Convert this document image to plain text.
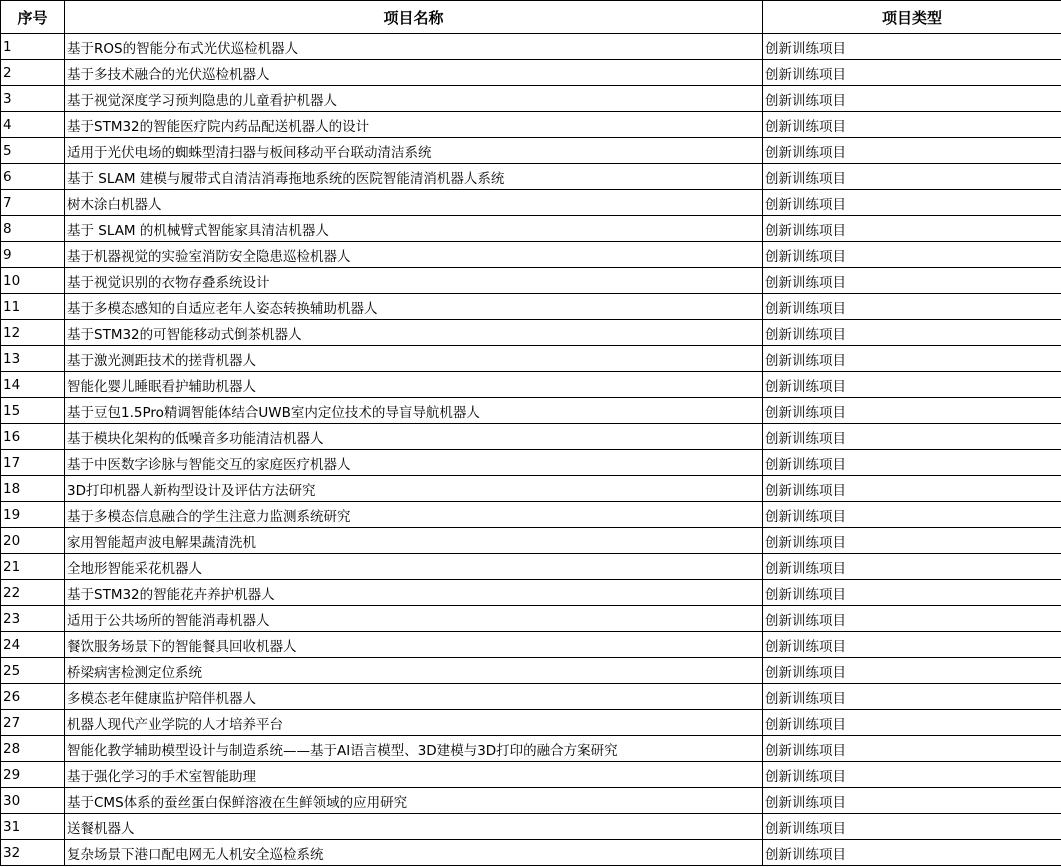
序号	项目名称	项目类型
1	基于ROS的智能分布式光伏巡检机器人	创新训练项目
2	基于多技术融合的光伏巡检机器人	创新训练项目
3	基于视觉深度学习预判隐患的儿童看护机器人	创新训练项目
4	基于STM32的智能医疗院内药品配送机器人的设计	创新训练项目
5	适用于光伏电场的蜘蛛型清扫器与板间移动平台联动清洁系统	创新训练项目
6	基于 SLAM 建模与履带式自清洁消毒拖地系统的医院智能清消机器人系统	创新训练项目
7	树木涂白机器人	创新训练项目
8	基于 SLAM 的机械臂式智能家具清洁机器人	创新训练项目
9	基于机器视觉的实验室消防安全隐患巡检机器人	创新训练项目
10	基于视觉识别的衣物存叠系统设计	创新训练项目
11	基于多模态感知的自适应老年人姿态转换辅助机器人	创新训练项目
12	基于STM32的可智能移动式倒茶机器人	创新训练项目
13	基于激光测距技术的搓背机器人	创新训练项目
14	智能化婴儿睡眠看护辅助机器人	创新训练项目
15	基于豆包1.5Pro精调智能体结合UWB室内定位技术的导盲导航机器人	创新训练项目
16	基于模块化架构的低噪音多功能清洁机器人	创新训练项目
17	基于中医数字诊脉与智能交互的家庭医疗机器人	创新训练项目
18	3D打印机器人新构型设计及评估方法研究	创新训练项目
19	基于多模态信息融合的学生注意力监测系统研究	创新训练项目
20	家用智能超声波电解果蔬清洗机	创新训练项目
21	全地形智能采花机器人	创新训练项目
22	基于STM32的智能花卉养护机器人	创新训练项目
23	适用于公共场所的智能消毒机器人	创新训练项目
24	餐饮服务场景下的智能餐具回收机器人	创新训练项目
25	桥梁病害检测定位系统	创新训练项目
26	多模态老年健康监护陪伴机器人	创新训练项目
27	机器人现代产业学院的人才培养平台	创新训练项目
28	智能化教学辅助模型设计与制造系统——基于AI语言模型、3D建模与3D打印的融合方案研究	创新训练项目
29	基于强化学习的手术室智能助理	创新训练项目
30	基于CMS体系的蚕丝蛋白保鲜溶液在生鲜领域的应用研究	创新训练项目
31	送餐机器人	创新训练项目
32	复杂场景下港口配电网无人机安全巡检系统	创新训练项目
